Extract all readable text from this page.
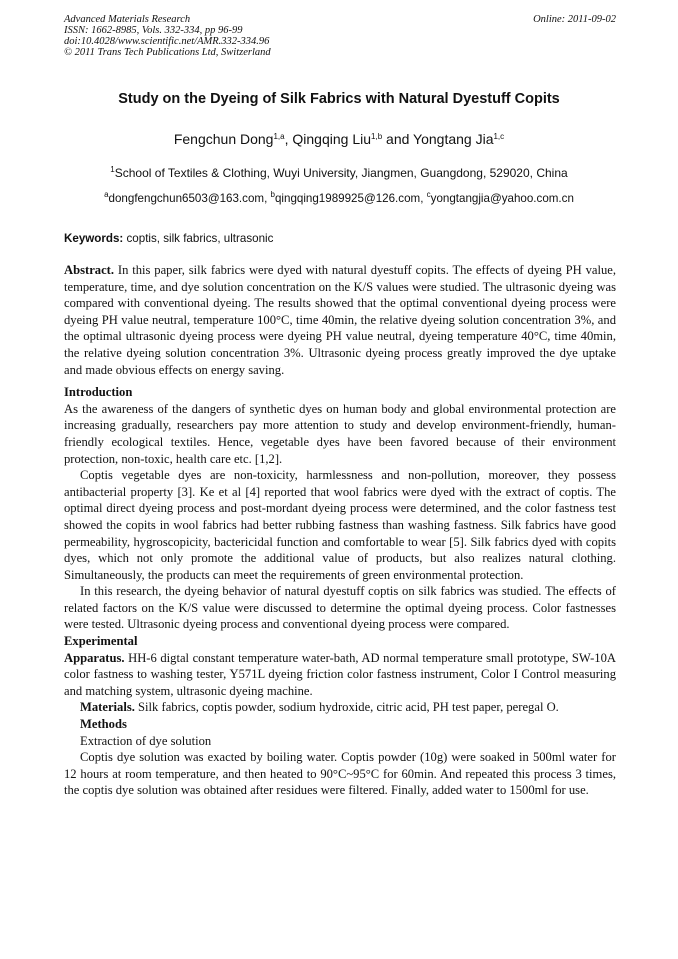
Advanced Materials Research
ISSN: 1662-8985, Vols. 332-334, pp 96-99
doi:10.4028/www.scientific.net/AMR.332-334.96
© 2011 Trans Tech Publications Ltd, Switzerland
Online: 2011-09-02
Study on the Dyeing of Silk Fabrics with Natural Dyestuff Copits
Fengchun Dong$^{1,a}$, Qingqing Liu$^{1,b}$ and Yongtang Jia$^{1,c}$
$^1$School of Textiles & Clothing, Wuyi University, Jiangmen, Guangdong, 529020, China
$^a$dongfengchun6503@163.com, $^b$qingqing1989925@126.com, $^c$yongtangjia@yahoo.com.cn
Keywords: coptis, silk fabrics, ultrasonic

Abstract. In this paper, silk fabrics were dyed with natural dyestuff copits. The effects of dyeing PH value, temperature, time, and dye solution concentration on the K/S values were studied. The ultrasonic dyeing was compared with conventional dyeing. The results showed that the optimal conventional dyeing process were dyeing PH value neutral, temperature 100°C, time 40min, the relative dyeing solution concentration 3%, and the optimal ultrasonic dyeing process were dyeing PH value neutral, dyeing temperature 40°C, time 40min, the relative dyeing solution concentration 3%. Ultrasonic dyeing process greatly improved the dye uptake and made obvious effects on energy saving.

Introduction

As the awareness of the dangers of synthetic dyes on human body and global environmental protection are increasing gradually, researchers pay more attention to study and develop environment-friendly, human-friendly ecological textiles. Hence, vegetable dyes have been favored because of their environment protection, non-toxic, health care etc. [1,2].

Coptis vegetable dyes are non-toxicity, harmlessness and non-pollution, moreover, they possess antibacterial property [3]. Ke et al [4] reported that wool fabrics were dyed with the extract of coptis. The optimal direct dyeing process and post-mordant dyeing process were determined, and the color fastness test showed the copits in wool fabrics had better rubbing fastness than washing fastness. Silk fabrics have good permeability, hygroscopicity, bactericidal function and comfortable to wear [5]. Silk fabrics dyed with copits dyes, which not only promote the additional value of products, but also realizes natural clothing. Simultaneously, the products can meet the requirements of green environmental protection.

In this research, the dyeing behavior of natural dyestuff coptis on silk fabrics was studied. The effects of related factors on the K/S value were discussed to determine the optimal dyeing process. Color fastnesses were tested. Ultrasonic dyeing process and conventional dyeing process were compared.

Experimental

Apparatus. HH-6 digtal constant temperature water-bath, AD normal temperature small prototype, SW-10A color fastness to washing tester, Y571L dyeing friction color fastness instrument, Color I Control measuring and matching system, ultrasonic dyeing machine.

Materials. Silk fabrics, coptis powder, sodium hydroxide, citric acid, PH test paper, peregal O.

Methods

Extraction of dye solution

Coptis dye solution was exacted by boiling water. Coptis powder (10g) were soaked in 500ml water for 12 hours at room temperature, and then heated to 90°C~95°C for 60min. And repeated this process 3 times, the coptis dye solution was obtained after residues were filtered. Finally, added water to 1500ml for use.
